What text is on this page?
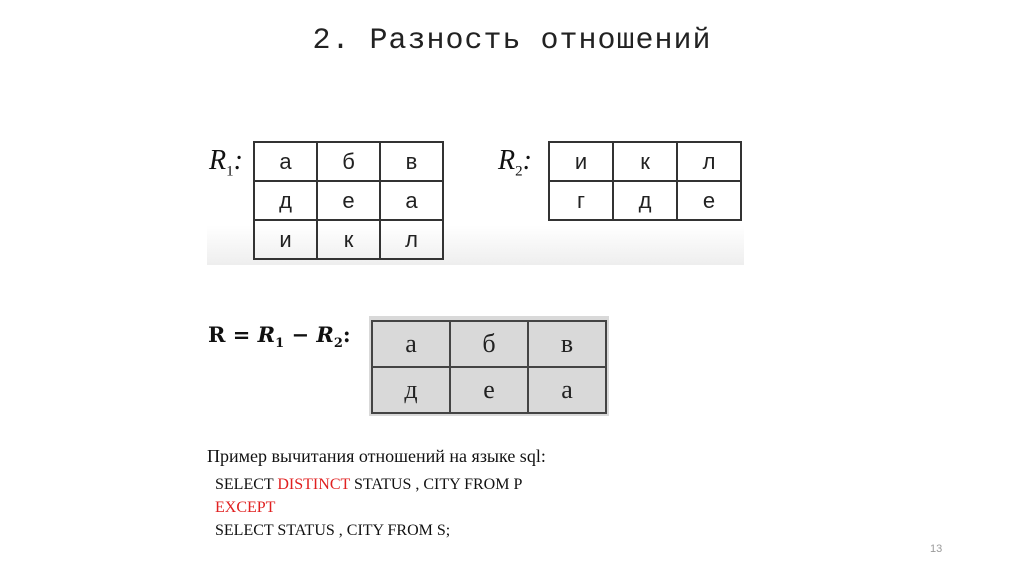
2. Разность отношений
$R_1$: а	б	в
д	е	а
и	к	л
$R_2$: и	к	л
г	д	е
$R = R_1 - R_2$: а	б	в
д	е	а
Пример вычитания отношений на языке sql:
SELECT DISTINCT STATUS , CITY FROM P
EXCEPT
SELECT STATUS , CITY FROM S;
13
